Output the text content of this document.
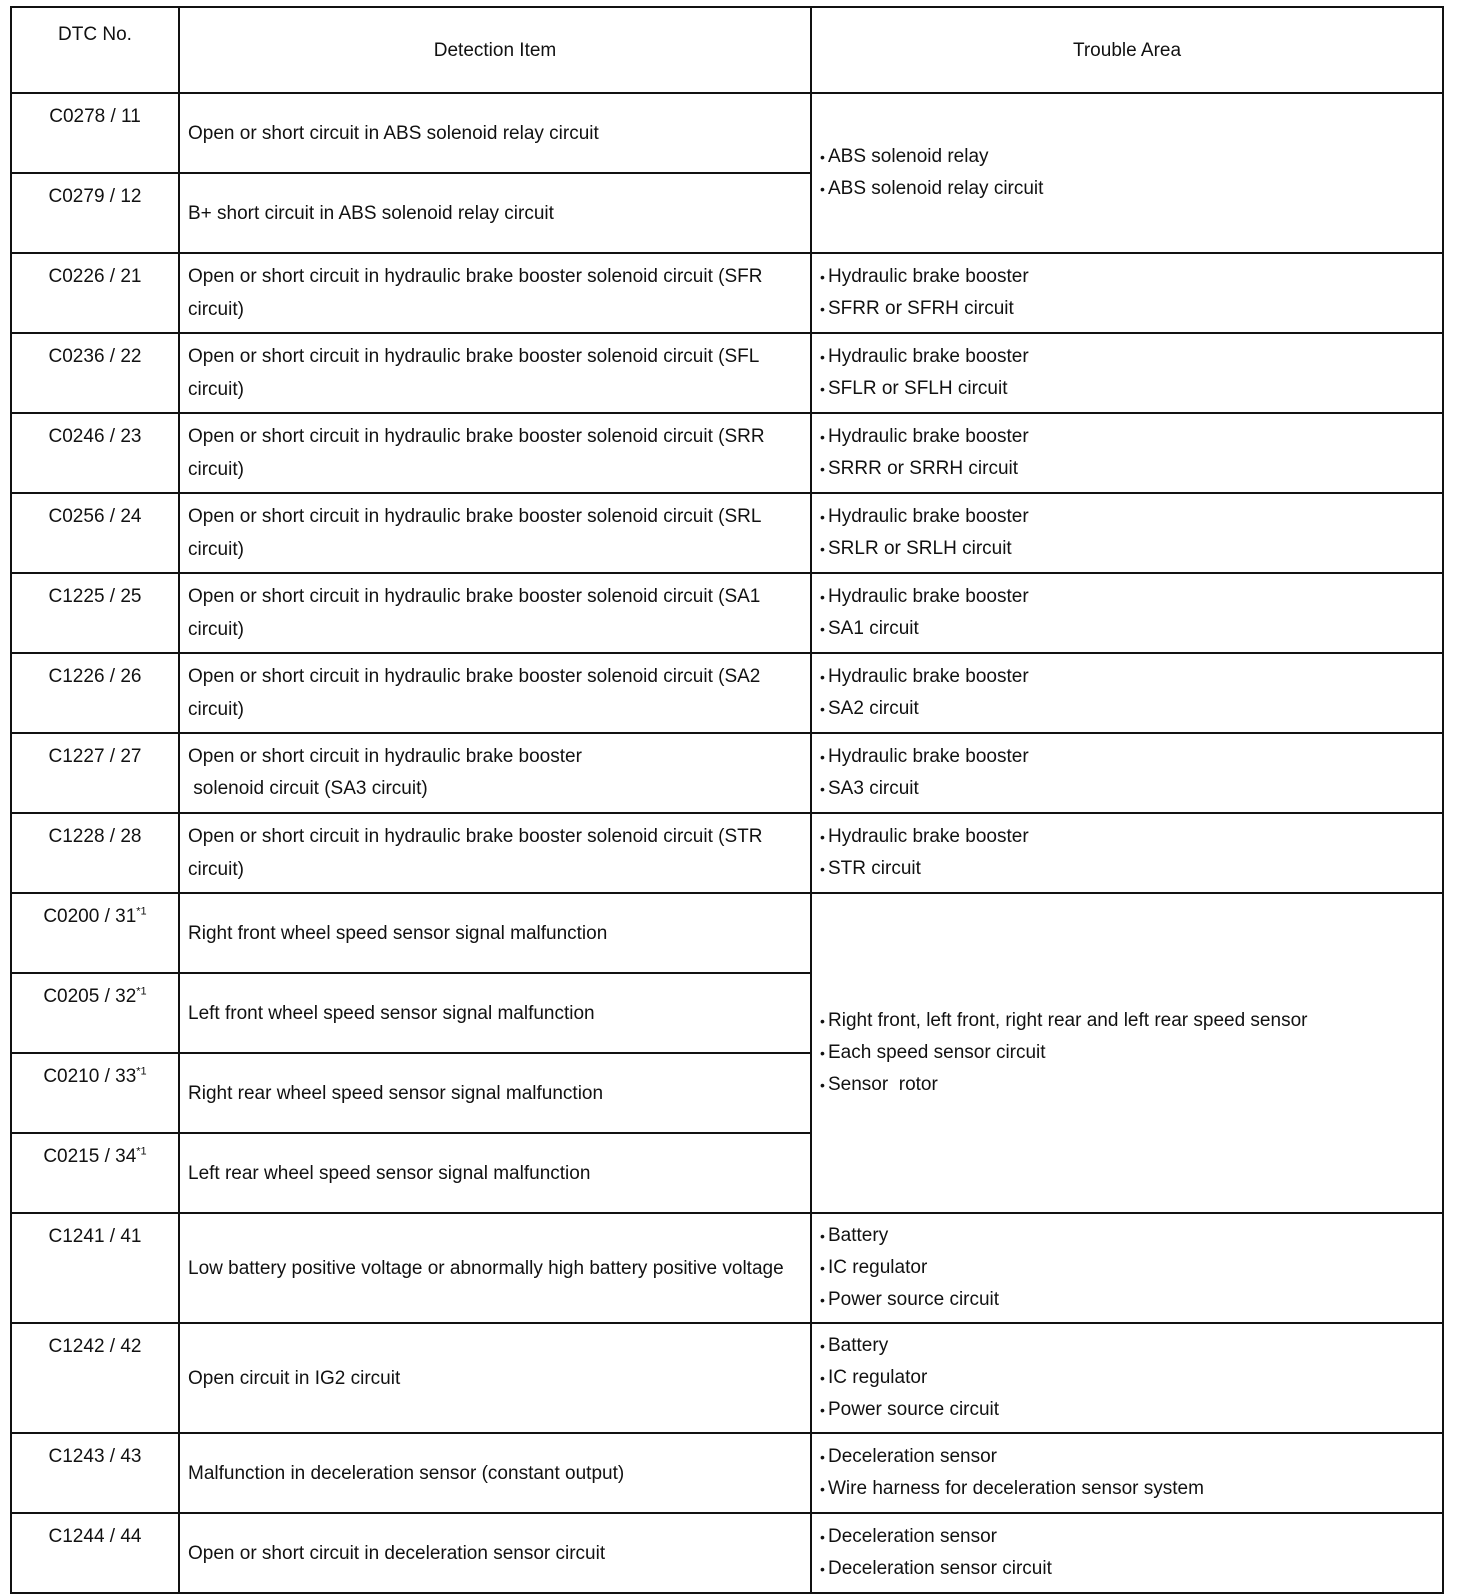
DTC No.	Detection Item	Trouble Area
C0278 / 11	Open or short circuit in ABS solenoid relay circuit	• ABS solenoid relay
• ABS solenoid relay circuit

C0279 / 12	B+ short circuit in ABS solenoid relay circuit	
C0226 / 21	Open or short circuit in hydraulic brake booster solenoid circuit (SFR circuit)	• Hydraulic brake booster
• SFRR or SFRH circuit

C0236 / 22	Open or short circuit in hydraulic brake booster solenoid circuit (SFL circuit)	• Hydraulic brake booster
• SFLR or SFLH circuit

C0246 / 23	Open or short circuit in hydraulic brake booster solenoid circuit (SRR circuit)	• Hydraulic brake booster
• SRRR or SRRH circuit

C0256 / 24	Open or short circuit in hydraulic brake booster solenoid circuit (SRL circuit)	• Hydraulic brake booster
• SRLR or SRLH circuit

C1225 / 25	Open or short circuit in hydraulic brake booster solenoid circuit (SA1 circuit)	• Hydraulic brake booster
• SA1 circuit

C1226 / 26	Open or short circuit in hydraulic brake booster solenoid circuit (SA2 circuit)	• Hydraulic brake booster
• SA2 circuit

C1227 / 27	Open or short circuit in hydraulic brake booster
solenoid circuit (SA3 circuit)	• Hydraulic brake booster
• SA3 circuit

C1228 / 28	Open or short circuit in hydraulic brake booster solenoid circuit (STR circuit)	• Hydraulic brake booster
• STR circuit

C0200 / 31$^{*1}$	Right front wheel speed sensor signal malfunction	• Right front, left front, right rear and left rear speed sensor
• Each speed sensor circuit
• Sensor  rotor

C0205 / 32$^{*1}$	Left front wheel speed sensor signal malfunction	
C0210 / 33$^{*1}$	Right rear wheel speed sensor signal malfunction	
C0215 / 34$^{*1}$	Left rear wheel speed sensor signal malfunction	
C1241 / 41	Low battery positive voltage or abnormally high battery positive voltage	• Battery
• IC regulator
• Power source circuit

C1242 / 42	Open circuit in IG2 circuit	• Battery
• IC regulator
• Power source circuit

C1243 / 43	Malfunction in deceleration sensor (constant output)	• Deceleration sensor
• Wire harness for deceleration sensor system

C1244 / 44	Open or short circuit in deceleration sensor circuit	• Deceleration sensor
• Deceleration sensor circuit
